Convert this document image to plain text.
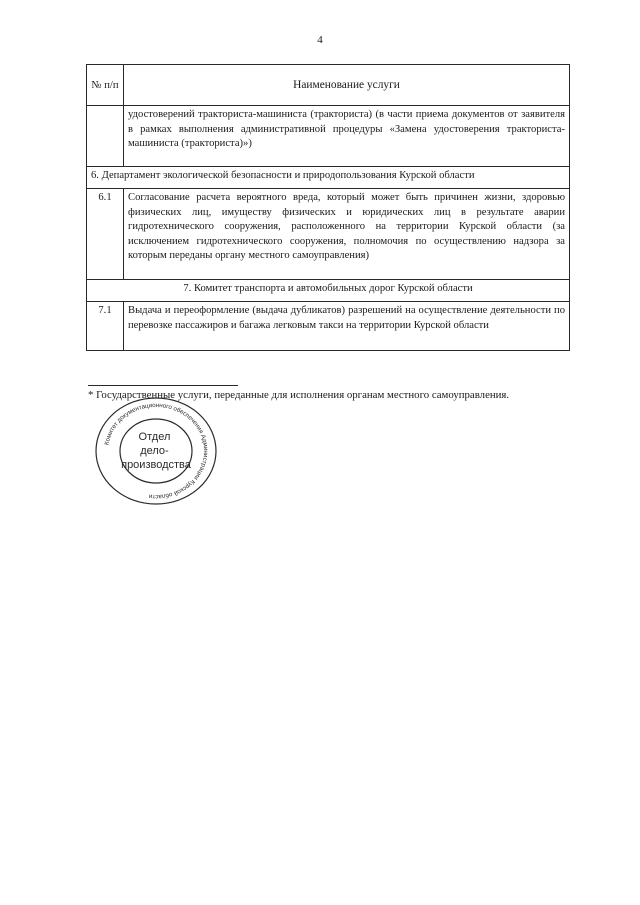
4
№ п/п	Наименование услуги
	удостоверений тракториста-машиниста (тракториста) (в части приема документов от заявителя в рамках выполнения административной процедуры «Замена удостоверения тракториста-машиниста (тракториста)»)
6. Департамент экологической безопасности и природопользования Курской области	
6.1	Согласование расчета вероятного вреда, который может быть причинен жизни, здоровью физических лиц, имуществу физических и юридических лиц в результате аварии гидротехнического сооружения, расположенного на территории Курской области (за исключением гидротехнического сооружения, полномочия по осуществлению надзора за которым переданы органу местного самоуправления)
7. Комитет транспорта и автомобильных дорог Курской области	
7.1	Выдача и переоформление (выдача дубликатов) разрешений на осуществление деятельности по перевозке пассажиров и багажа легковым такси на территории Курской области
* Государственные услуги, переданные для исполнения органам местного самоуправления.
Комитет документационного обеспечения Администрации Курской области
Отдел дело- производства
